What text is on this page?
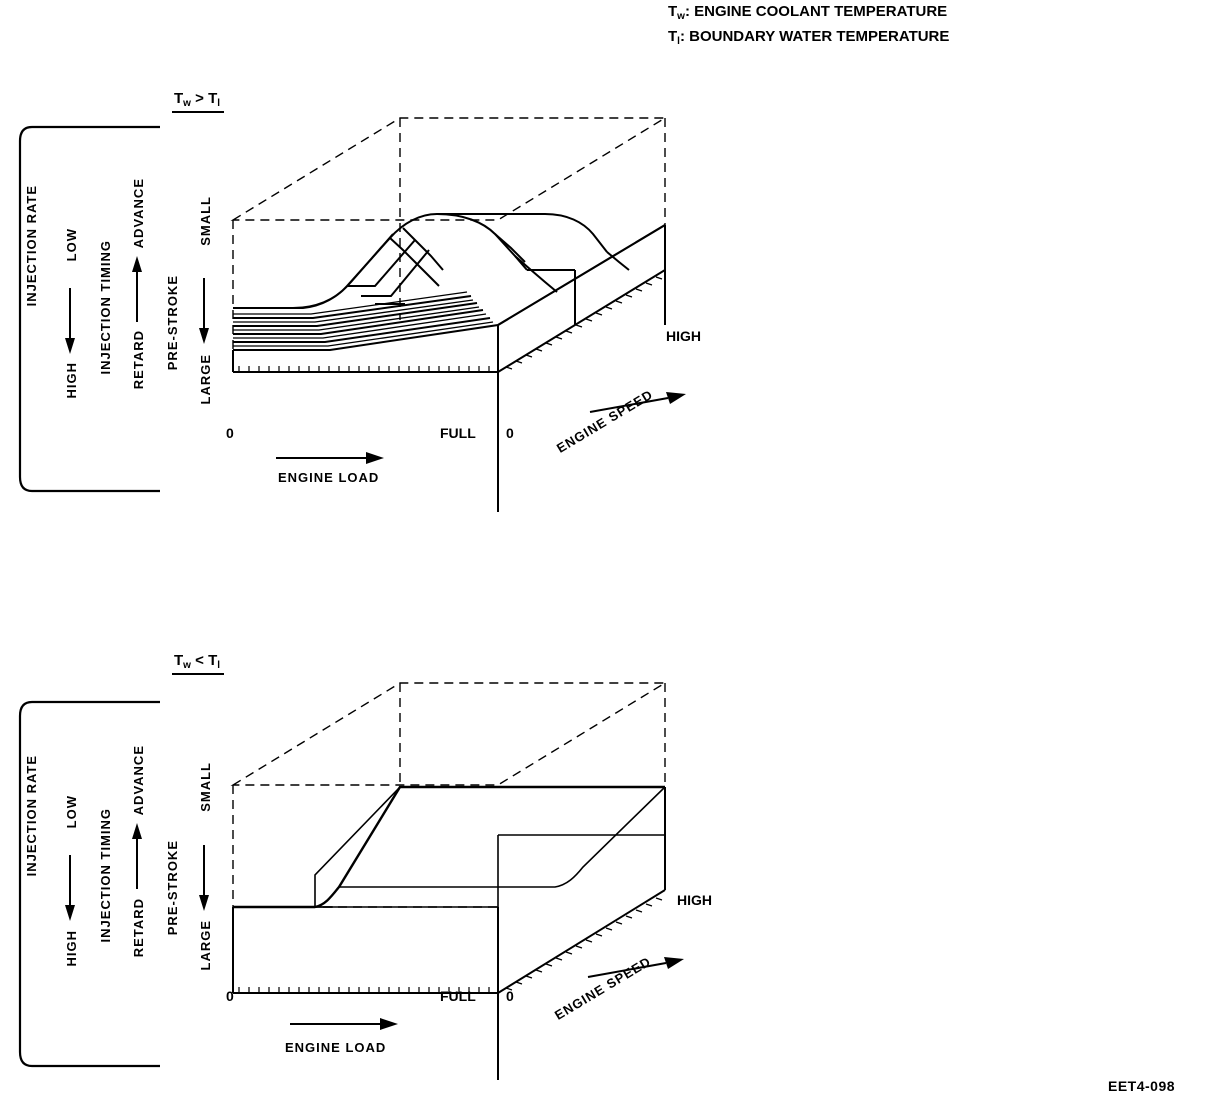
$T_w$: ENGINE COOLANT TEMPERATURE
$T_l$: BOUNDARY WATER TEMPERATURE
$T_w > T_l$
INJECTION RATE LOW
HIGH
INJECTION TIMING
ADVANCE
RETARD PRE-STROKE
SMALL
LARGE
0	FULL 0
HIGH
ENGINE LOAD
ENGINE SPEED
$T_w < T_l$
INJECTION RATE LOW
HIGH
INJECTION TIMING
ADVANCE
RETARD PRE-STROKE
SMALL
LARGE
0	FULL 0
HIGH
ENGINE LOAD
ENGINE SPEED
EET4-098
